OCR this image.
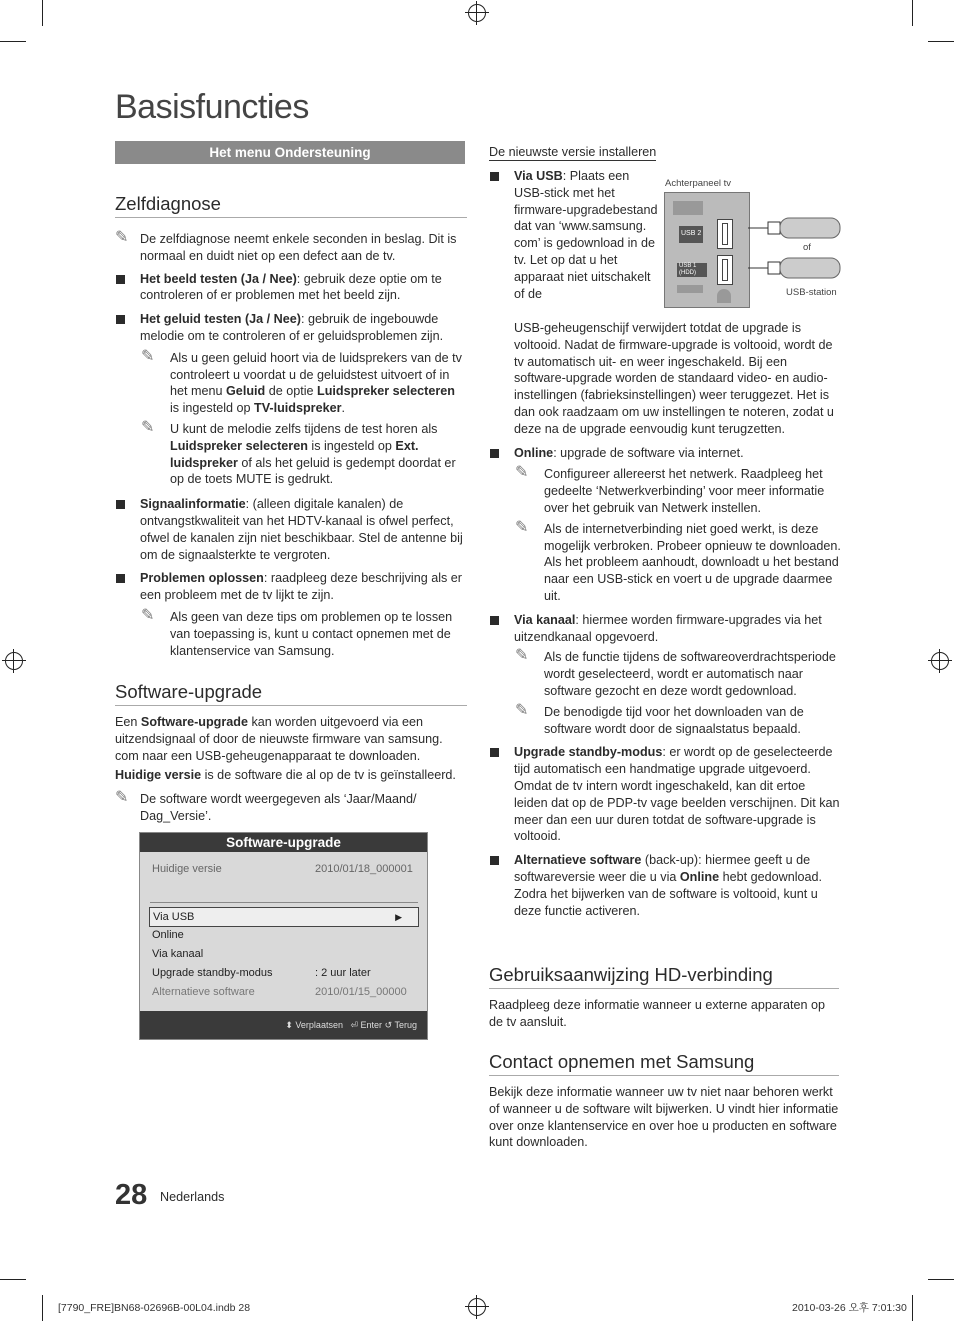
Basisfuncties
Het menu Ondersteuning
Zelfdiagnose
✎ De zelfdiagnose neemt enkele seconden in beslag. Dit is normaal en duidt niet op een defect aan de tv.

Het beeld testen (Ja / Nee): gebruik deze optie om te controleren of er problemen met het beeld zijn.

Het geluid testen (Ja / Nee): gebruik de ingebouwde melodie om te controleren of er geluidsproblemen zijn.

✎ Als u geen geluid hoort via de luidsprekers van de tv controleert u voordat u de geluidstest uitvoert of in het menu Geluid de optie Luidspreker selecteren is ingesteld op TV-luidspreker.

✎ U kunt de melodie zelfs tijdens de test horen als Luidspreker selecteren is ingesteld op Ext. luidspreker of als het geluid is gedempt doordat er op de toets MUTE is gedrukt.

Signaalinformatie: (alleen digitale kanalen) de ontvangstkwaliteit van het HDTV-kanaal is ofwel perfect, ofwel de kanalen zijn niet beschikbaar. Stel de antenne bij om de signaalsterkte te vergroten.

Problemen oplossen: raadpleeg deze beschrijving als er een probleem met de tv lijkt te zijn.

✎ Als geen van deze tips om problemen op te lossen van toepassing is, kunt u contact opnemen met de klantenservice van Samsung.

Software-upgrade

Een Software-upgrade kan worden uitgevoerd via een uitzendsignaal of door de nieuwste firmware van samsung. com naar een USB-geheugenapparaat te downloaden.

Huidige versie is de software die al op de tv is geïnstalleerd.

✎ De software wordt weergegeven als ‘Jaar/Maand/ Dag_Versie’.

Software-upgrade
Huidige versie	2010/01/18_000001
Via USB	▶
Online
Via kanaal
Upgrade standby-modus	: 2 uur later
Alternatieve software	2010/01/15_00000
⬍ Verplaatsen ⏎ Enter ↺ Terug
De nieuwste versie installeren

Via USB: Plaats een USB-stick met het firmware-upgradebestand dat van ‘www.samsung. com’ is gedownload in de tv. Let op dat u het apparaat niet uitschakelt of de

Achterpaneel tv
USB 2
USB 1 (HDD)
of
USB-station

USB-geheugenschijf verwijdert totdat de upgrade is voltooid. Nadat de firmware-upgrade is voltooid, wordt de tv automatisch uit- en weer ingeschakeld. Bij een software-upgrade worden de standaard video- en audio-instellingen (fabrieksinstellingen) weer teruggezet. Het is dan ook raadzaam om uw instellingen te noteren, zodat u deze na de upgrade eenvoudig kunt terugzetten.

Online: upgrade de software via internet.

✎ Configureer allereerst het netwerk. Raadpleeg het gedeelte ‘Netwerkverbinding’ voor meer informatie over het gebruik van Netwerk instellen.

✎ Als de internetverbinding niet goed werkt, is deze mogelijk verbroken. Probeer opnieuw te downloaden. Als het probleem aanhoudt, downloadt u het bestand naar een USB-stick en voert u de upgrade daarmee uit.

Via kanaal: hiermee worden firmware-upgrades via het uitzendkanaal opgevoerd.

✎ Als de functie tijdens de softwareoverdrachtsperiode wordt geselecteerd, wordt er automatisch naar software gezocht en deze wordt gedownload.

✎ De benodigde tijd voor het downloaden van de software wordt door de signaalstatus bepaald.

Upgrade standby-modus: er wordt op de geselecteerde tijd automatisch een handmatige upgrade uitgevoerd. Omdat de tv intern wordt ingeschakeld, kan dit ertoe leiden dat op de PDP-tv vage beelden verschijnen. Dit kan meer dan een uur duren totdat de software-upgrade is voltooid.

Alternatieve software (back-up): hiermee geeft u de softwareversie weer die u via Online hebt gedownload. Zodra het bijwerken van de software is voltooid, kunt u deze functie activeren.

Gebruiksaanwijzing HD-verbinding

Raadpleeg deze informatie wanneer u externe apparaten op de tv aansluit.

Contact opnemen met Samsung

Bekijk deze informatie wanneer uw tv niet naar behoren werkt of wanneer u de software wilt bijwerken. U vindt hier informatie over onze klantenservice en over hoe u producten en software kunt downloaden.

28 Nederlands
[7790_FRE]BN68-02696B-00L04.indb 28	2010-03-26 오후 7:01:30
